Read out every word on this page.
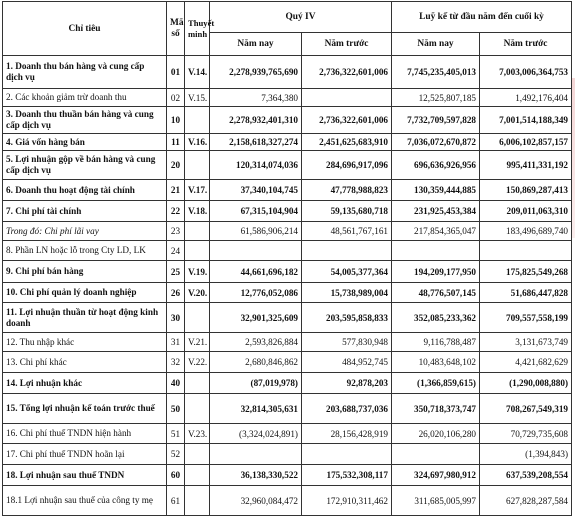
Chỉ tiêu	Mã số	Thuyết minh	Quý IV		Luỹ kế từ đầu năm đến cuối kỳ	
			Năm nay	Năm trước	Năm nay	Năm trước
1. Doanh thu bán hàng và cung cấp dịch vụ	01	V.14.	2,278,939,765,690	2,736,322,601,006	7,745,235,405,013	7,003,006,364,753
2. Các khoản giảm trừ doanh thu	02	V.15.	7,364,380		12,525,807,185	1,492,176,404
3. Doanh thu thuần bán hàng và cung cấp dịch vụ	10		2,278,932,401,310	2,736,322,601,006	7,732,709,597,828	7,001,514,188,349
4. Giá vốn hàng bán	11	V.16.	2,158,618,327,274	2,451,625,683,910	7,036,072,670,872	6,006,102,857,157
5. Lợi nhuận gộp về bán hàng và cung cấp dịch vụ	20		120,314,074,036	284,696,917,096	696,636,926,956	995,411,331,192
6. Doanh thu hoạt động tài chính	21	V.17.	37,340,104,745	47,778,988,823	130,359,444,885	150,869,287,413
7. Chi phí tài chính	22	V.18.	67,315,104,904	59,135,680,718	231,925,453,384	209,011,063,310
Trong đó: Chi phí lãi vay	23		61,586,906,214	48,561,767,161	217,854,365,047	183,496,689,740
8. Phần LN hoặc lỗ trong Cty LD, LK	24					
9. Chi phí bán hàng	25	V.19.	44,661,696,182	54,005,377,364	194,209,177,950	175,825,549,268
10. Chi phí quản lý doanh nghiệp	26	V.20.	12,776,052,086	15,738,989,004	48,776,507,145	51,686,447,828
11. Lợi nhuận thuần từ hoạt động kinh doanh	30		32,901,325,609	203,595,858,833	352,085,233,362	709,557,558,199
12. Thu nhập khác	31	V.21.	2,593,826,884	577,830,948	9,116,788,487	3,131,673,749
13. Chi phí khác	32	V.22.	2,680,846,862	484,952,745	10,483,648,102	4,421,682,629
14. Lợi nhuận khác	40		(87,019,978)	92,878,203	(1,366,859,615)	(1,290,008,880)
15. Tổng lợi nhuận kế toán trước thuế	50		32,814,305,631	203,688,737,036	350,718,373,747	708,267,549,319
16. Chi phí thuế TNDN hiện hành	51	V.23.	(3,324,024,891)	28,156,428,919	26,020,106,280	70,729,735,608
17. Chi phí thuế TNDN hoãn lại	52					(1,394,843)
18. Lợi nhuận sau thuế TNDN	60		36,138,330,522	175,532,308,117	324,697,980,912	637,539,208,554
18.1 Lợi nhuận sau thuế của công ty mẹ	61		32,960,084,472	172,910,311,462	311,685,005,997	627,828,287,584
